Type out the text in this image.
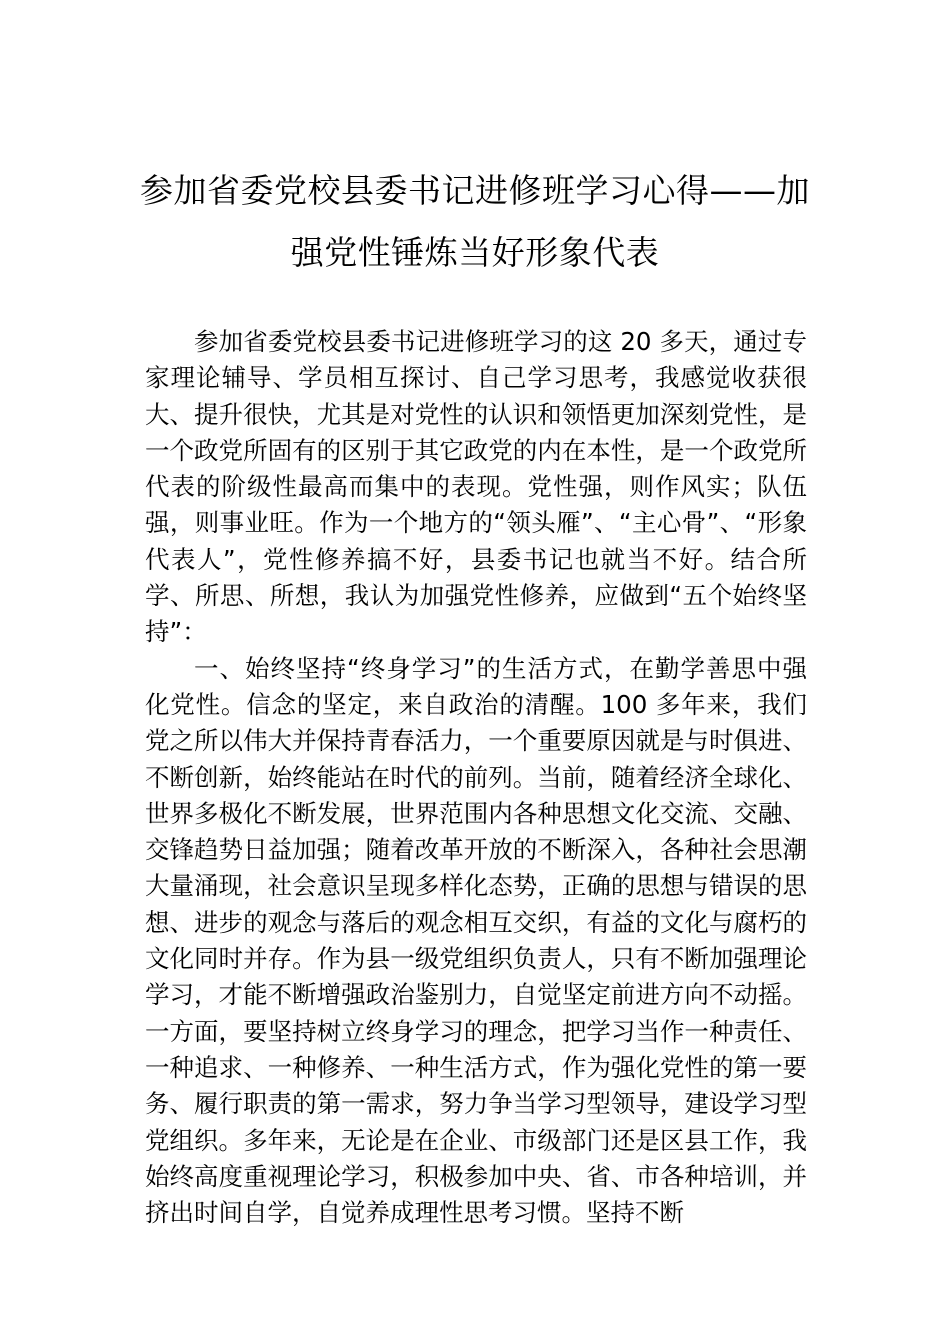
参加省委党校县委书记进修班学习心得——加强党性锤炼当好形象代表

参加省委党校县委书记进修班学习的这 20 多天，通过专家理论辅导、学员相互探讨、自己学习思考，我感觉收获很大、提升很快，尤其是对党性的认识和领悟更加深刻党性，是一个政党所固有的区别于其它政党的内在本性，是一个政党所代表的阶级性最高而集中的表现。党性强，则作风实；队伍强，则事业旺。作为一个地方的“领头雁”、“主心骨”、“形象代表人”，党性修养搞不好，县委书记也就当不好。结合所学、所思、所想，我认为加强党性修养，应做到“五个始终坚持”：

一、始终坚持“终身学习”的生活方式，在勤学善思中强化党性。信念的坚定，来自政治的清醒。100 多年来，我们党之所以伟大并保持青春活力，一个重要原因就是与时俱进、不断创新，始终能站在时代的前列。当前，随着经济全球化、世界多极化不断发展，世界范围内各种思想文化交流、交融、交锋趋势日益加强；随着改革开放的不断深入，各种社会思潮大量涌现，社会意识呈现多样化态势，正确的思想与错误的思想、进步的观念与落后的观念相互交织，有益的文化与腐朽的文化同时并存。作为县一级党组织负责人，只有不断加强理论学习，才能不断增强政治鉴别力，自觉坚定前进方向不动摇。一方面，要坚持树立终身学习的理念，把学习当作一种责任、一种追求、一种修养、一种生活方式，作为强化党性的第一要务、履行职责的第一需求，努力争当学习型领导，建设学习型党组织。多年来，无论是在企业、市级部门还是区县工作，我始终高度重视理论学习，积极参加中央、省、市各种培训，并挤出时间自学，自觉养成理性思考习惯。坚持不断
